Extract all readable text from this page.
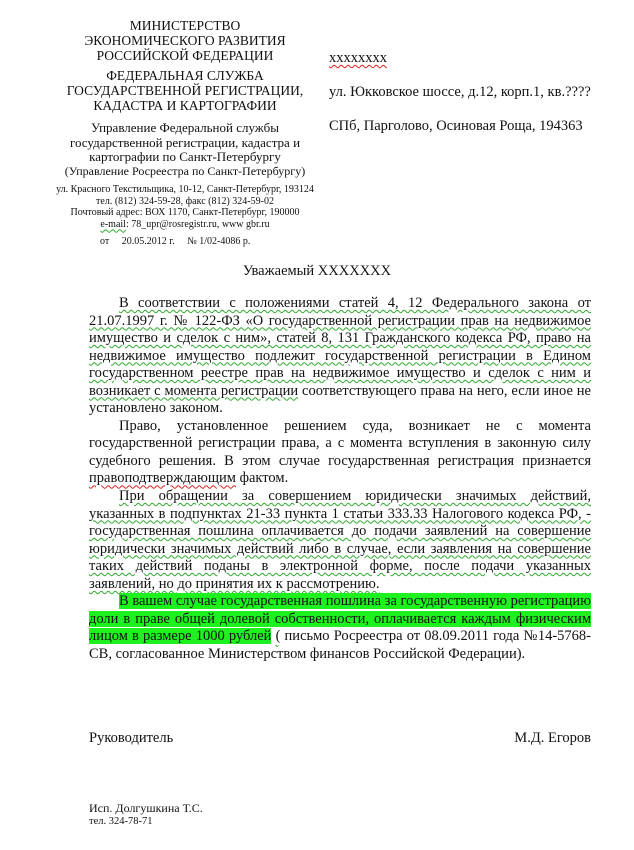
МИНИСТЕРСТВО
ЭКОНОМИЧЕСКОГО РАЗВИТИЯ
РОССИЙСКОЙ ФЕДЕРАЦИИ
ФЕДЕРАЛЬНАЯ СЛУЖБА
ГОСУДАРСТВЕННОЙ РЕГИСТРАЦИИ,
КАДАСТРА И КАРТОГРАФИИ
Управление Федеральной службы
государственной регистрации, кадастра и
картографии по Санкт-Петербургу
(Управление Росреестра по Санкт-Петербургу)
ул. Красного Текстильщика, 10-12, Санкт-Петербург, 193124
тел. (812) 324-59-28, факс (812) 324-59-02
Почтовый адрес: ВОХ 1170, Санкт-Петербург, 190000
e-mail: 78_upr@rosregistr.ru, www gbr.ru
от 20.05.2012 г. № 1/02-4086 р.
xxxxxxxx
ул. Юкковское шоссе, д.12, корп.1, кв.????
СПб, Парголово, Осиновая Роща, 194363
Уважаемый XXXXXXX

В соответствии с положениями статей 4, 12 Федерального закона от 21.07.1997 г. № 122-ФЗ «О государственной регистрации прав на недвижимое имущество и сделок с ним», статей 8, 131 Гражданского кодекса РФ, право на недвижимое имущество подлежит государственной регистрации в Едином государственном реестре прав на недвижимое имущество и сделок с ним и возникает с момента регистрации соответствующего права на него, если иное не установлено законом.

Право, установленное решением суда, возникает не с момента государственной регистрации права, а с момента вступления в законную силу судебного решения. В этом случае государственная регистрация признается правоподтверждающим фактом.

При обращении за совершением юридически значимых действий, указанных в подпунктах 21-33 пункта 1 статьи 333.33 Налогового кодекса РФ, - государственная пошлина оплачивается до подачи заявлений на совершение юридически значимых действий либо в случае, если заявления на совершение таких действий поданы в электронной форме, после подачи указанных заявлений, но до принятия их к рассмотрению.

В вашем случае государственная пошлина за государственную регистрацию доли в праве общей долевой собственности, оплачивается каждым физическим лицом в размере 1000 рублей ( письмо Росреестра от 08.09.2011 года №14-5768-СВ, согласованное Министерством финансов Российской Федерации).

Руководитель	М.Д. Егоров
Исп. Долгушкина Т.С.
тел. 324-78-71
